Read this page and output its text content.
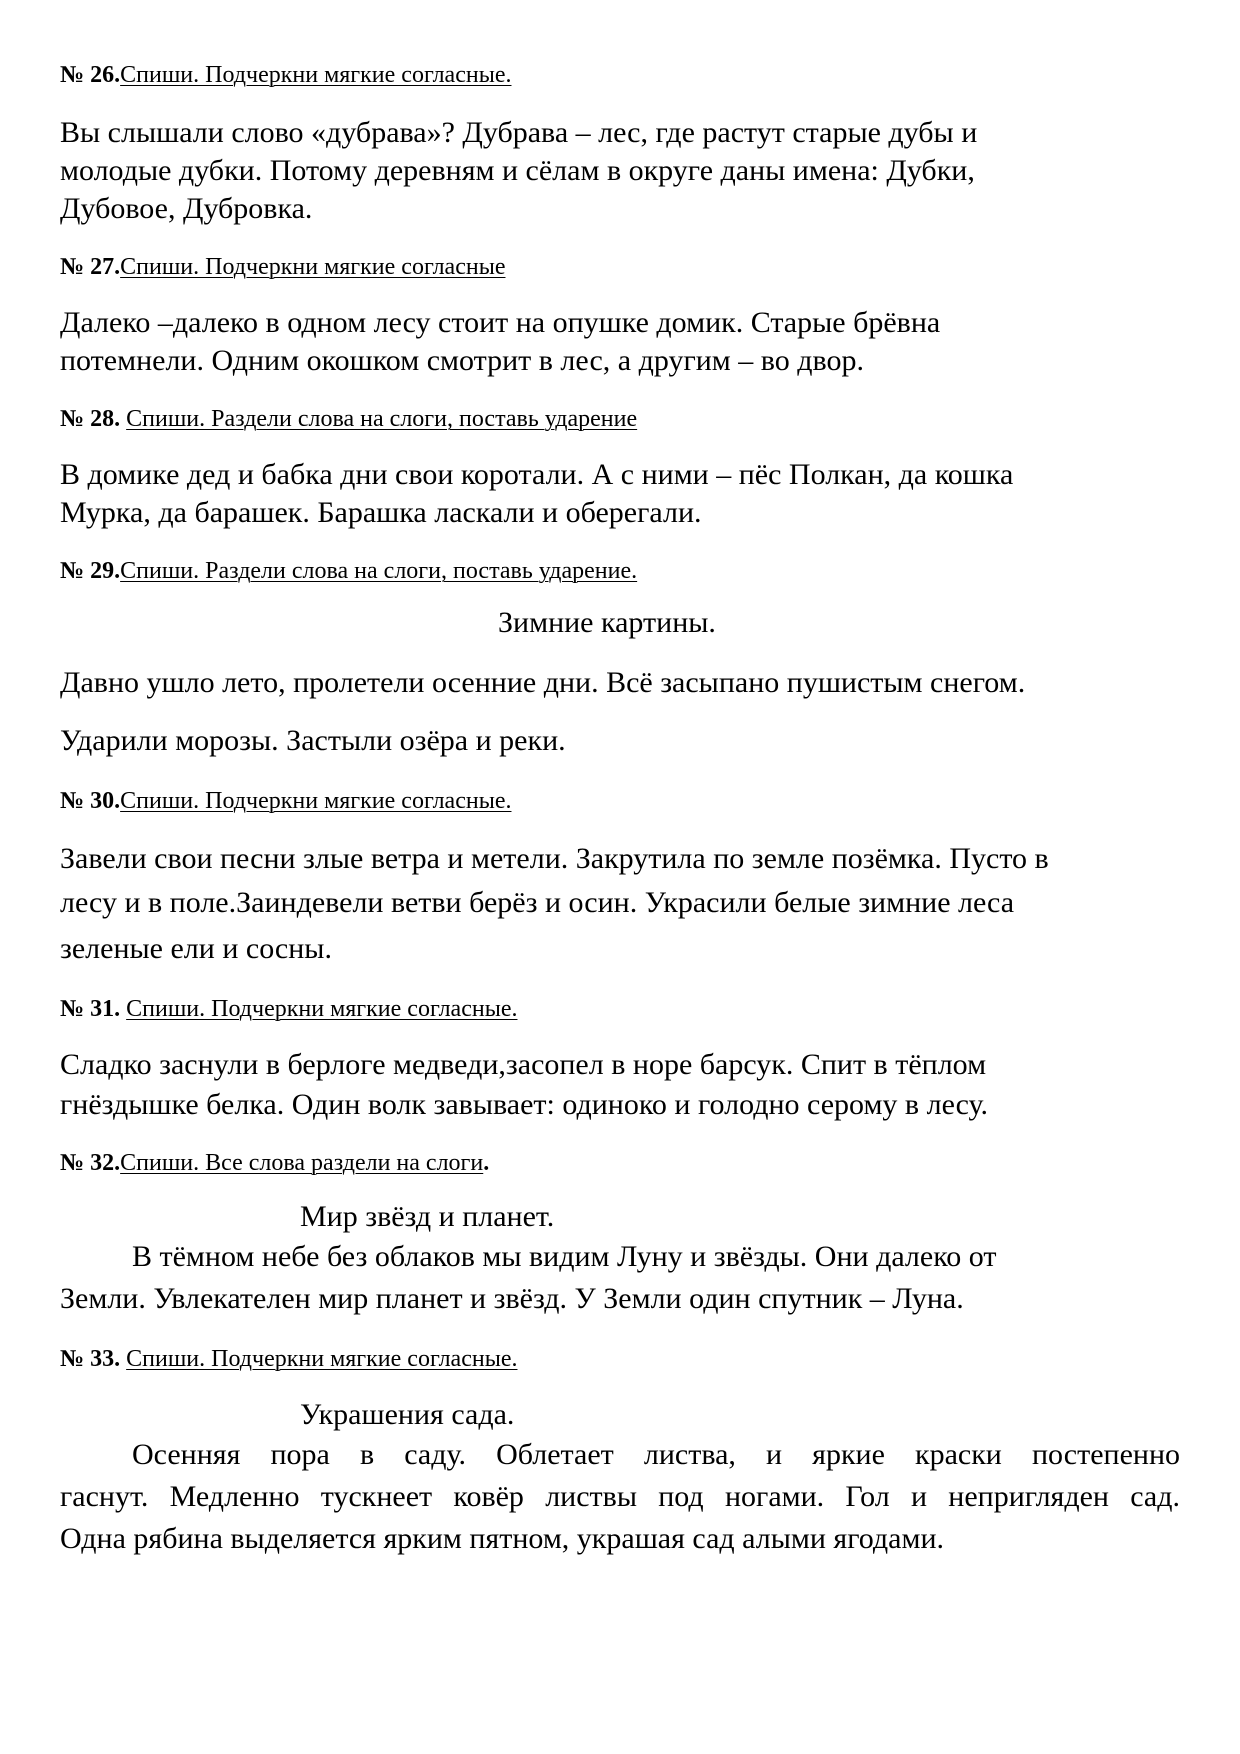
№ 26.Спиши. Подчеркни мягкие согласные.
Вы слышали слово «дубрава»? Дубрава – лес, где растут старые дубы и
молодые дубки. Потому деревням и сёлам в округе даны имена: Дубки,
Дубовое, Дубровка.
№ 27.Спиши. Подчеркни мягкие согласные
Далеко –далеко в одном лесу стоит на опушке домик. Старые брёвна
потемнели. Одним окошком смотрит в лес, а другим – во двор.
№ 28. Спиши. Раздели слова на слоги, поставь ударение
В домике дед и бабка дни свои коротали. А с ними – пёс Полкан, да кошка
Мурка, да барашек. Барашка ласкали и оберегали.
№ 29.Спиши. Раздели слова на слоги, поставь ударение.
Зимние картины.
Давно ушло лето, пролетели осенние дни. Всё засыпано пушистым снегом.
Ударили морозы. Застыли озёра и реки.
№ 30.Спиши. Подчеркни мягкие согласные.
Завели свои песни злые ветра и метели. Закрутила по земле позёмка. Пусто в
лесу и в поле.Заиндевели ветви берёз и осин. Украсили белые зимние леса
зеленые ели и сосны.
№ 31. Спиши. Подчеркни мягкие согласные.
Сладко заснули в берлоге медведи,засопел в норе барсук. Спит в тёплом
гнёздышке белка. Один волк завывает: одиноко и голодно серому в лесу.
№ 32.Спиши. Все слова раздели на слоги.
Мир звёзд и планет.
В тёмном небе без облаков мы видим Луну и звёзды. Они далеко от
Земли. Увлекателен мир планет и звёзд. У Земли один спутник – Луна.
№ 33. Спиши. Подчеркни мягкие согласные.
Украшения сада.
Осенняя пора в саду. Облетает листва, и яркие краски постепенно
гаснут. Медленно тускнеет ковёр листвы под ногами. Гол и непригляден сад.
Одна рябина выделяется ярким пятном, украшая сад алыми ягодами.
